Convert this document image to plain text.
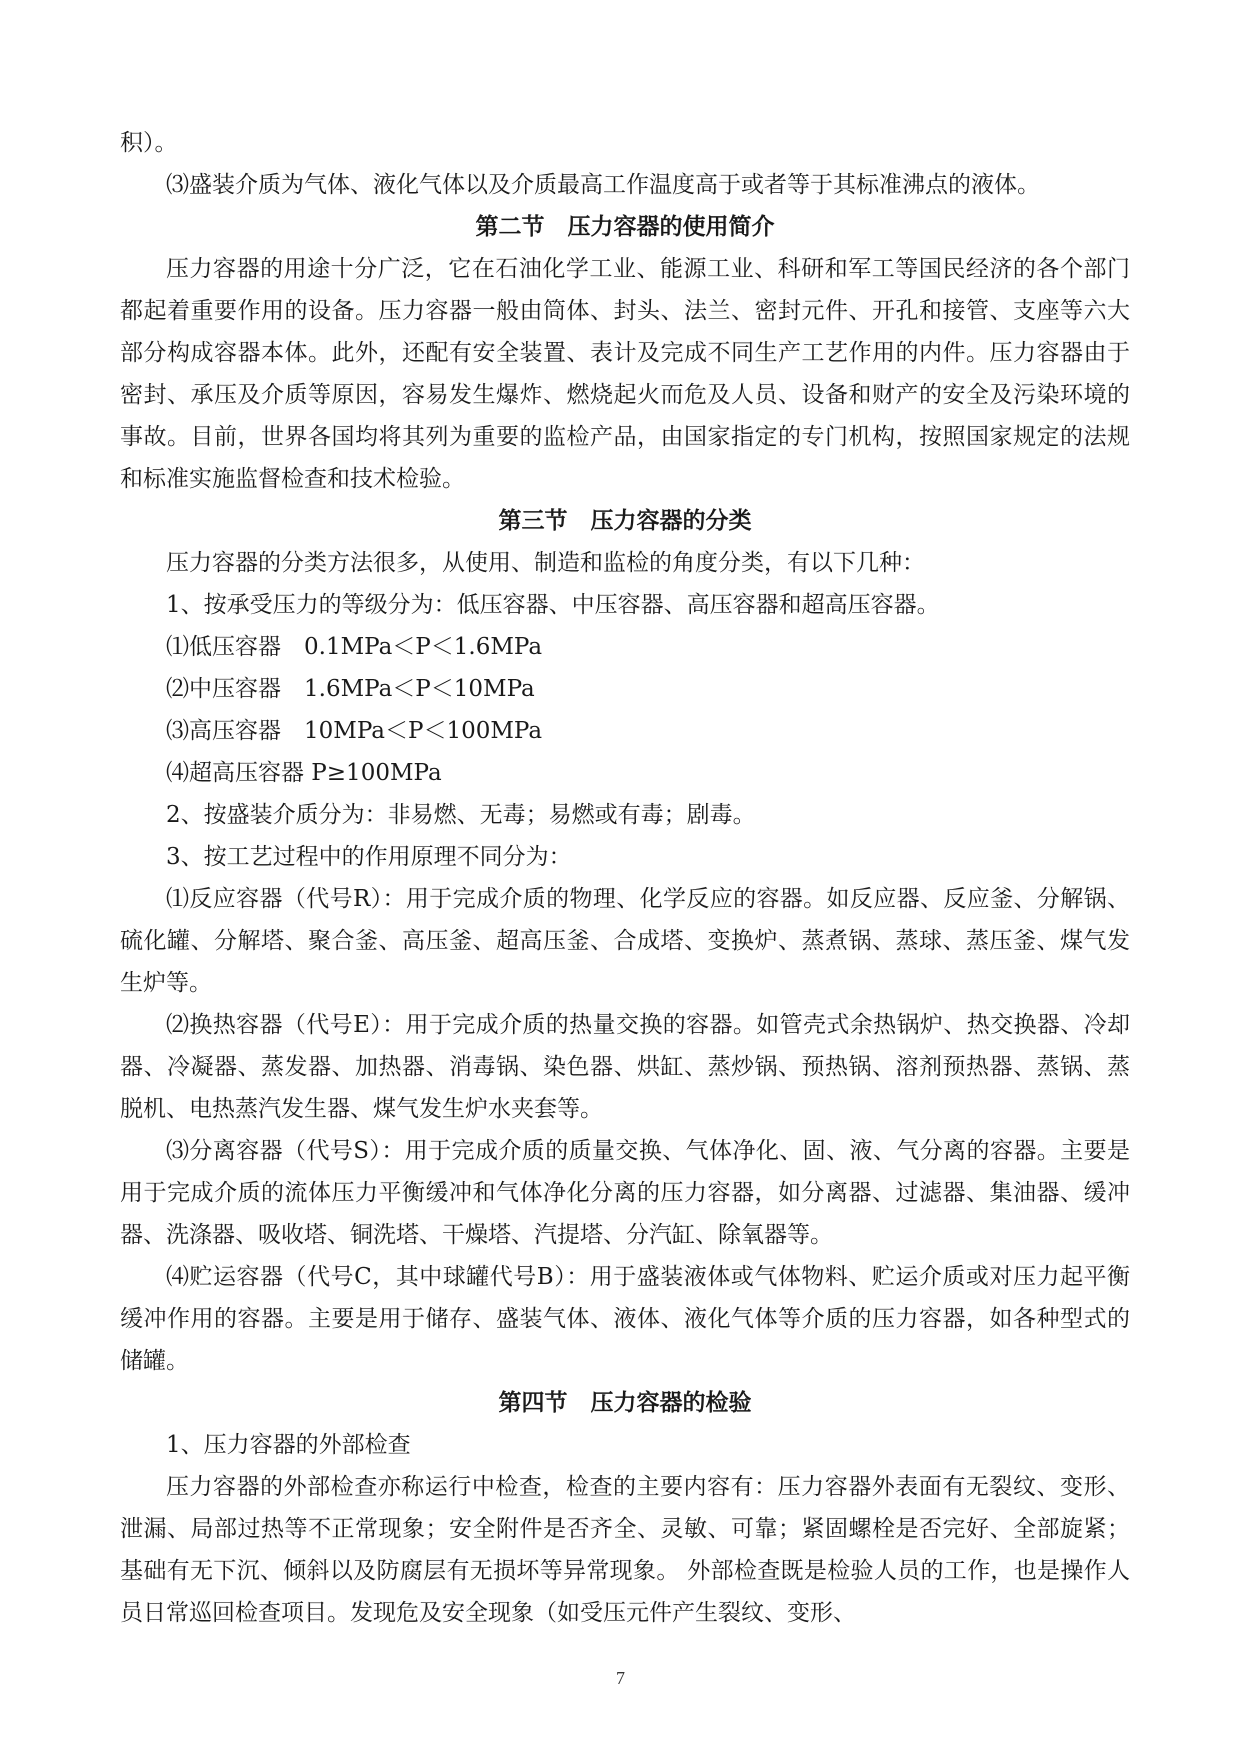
积）。
⑶盛装介质为气体、液化气体以及介质最高工作温度高于或者等于其标准沸点的液体。
第二节　压力容器的使用简介

压力容器的用途十分广泛，它在石油化学工业、能源工业、科研和军工等国民经济的各个部门都起着重要作用的设备。压力容器一般由筒体、封头、法兰、密封元件、开孔和接管、支座等六大部分构成容器本体。此外，还配有安全装置、表计及完成不同生产工艺作用的内件。压力容器由于密封、承压及介质等原因，容易发生爆炸、燃烧起火而危及人员、设备和财产的安全及污染环境的事故。目前，世界各国均将其列为重要的监检产品，由国家指定的专门机构，按照国家规定的法规和标准实施监督检查和技术检验。

第三节　压力容器的分类
压力容器的分类方法很多，从使用、制造和监检的角度分类，有以下几种：
1、按承受压力的等级分为：低压容器、中压容器、高压容器和超高压容器。
⑴低压容器　0.1MPa＜P＜1.6MPa
⑵中压容器　1.6MPa＜P＜10MPa
⑶高压容器　10MPa＜P＜100MPa
⑷超高压容器 P≥100MPa
2、按盛装介质分为：非易燃、无毒；易燃或有毒；剧毒。
3、按工艺过程中的作用原理不同分为：

⑴反应容器（代号R）：用于完成介质的物理、化学反应的容器。如反应器、反应釜、分解锅、硫化罐、分解塔、聚合釜、高压釜、超高压釜、合成塔、变换炉、蒸煮锅、蒸球、蒸压釜、煤气发生炉等。

⑵换热容器（代号E）：用于完成介质的热量交换的容器。如管壳式余热锅炉、热交换器、冷却器、冷凝器、蒸发器、加热器、消毒锅、染色器、烘缸、蒸炒锅、预热锅、溶剂预热器、蒸锅、蒸脱机、电热蒸汽发生器、煤气发生炉水夹套等。

⑶分离容器（代号S）：用于完成介质的质量交换、气体净化、固、液、气分离的容器。主要是用于完成介质的流体压力平衡缓冲和气体净化分离的压力容器，如分离器、过滤器、集油器、缓冲器、洗涤器、吸收塔、铜洗塔、干燥塔、汽提塔、分汽缸、除氧器等。

⑷贮运容器（代号C，其中球罐代号B）：用于盛装液体或气体物料、贮运介质或对压力起平衡缓冲作用的容器。主要是用于储存、盛装气体、液体、液化气体等介质的压力容器，如各种型式的储罐。

第四节　压力容器的检验
1、压力容器的外部检查

压力容器的外部检查亦称运行中检查，检查的主要内容有：压力容器外表面有无裂纹、变形、泄漏、局部过热等不正常现象；安全附件是否齐全、灵敏、可靠；紧固螺栓是否完好、全部旋紧；基础有无下沉、倾斜以及防腐层有无损坏等异常现象。 外部检查既是检验人员的工作，也是操作人员日常巡回检查项目。发现危及安全现象（如受压元件产生裂纹、变形、

7
